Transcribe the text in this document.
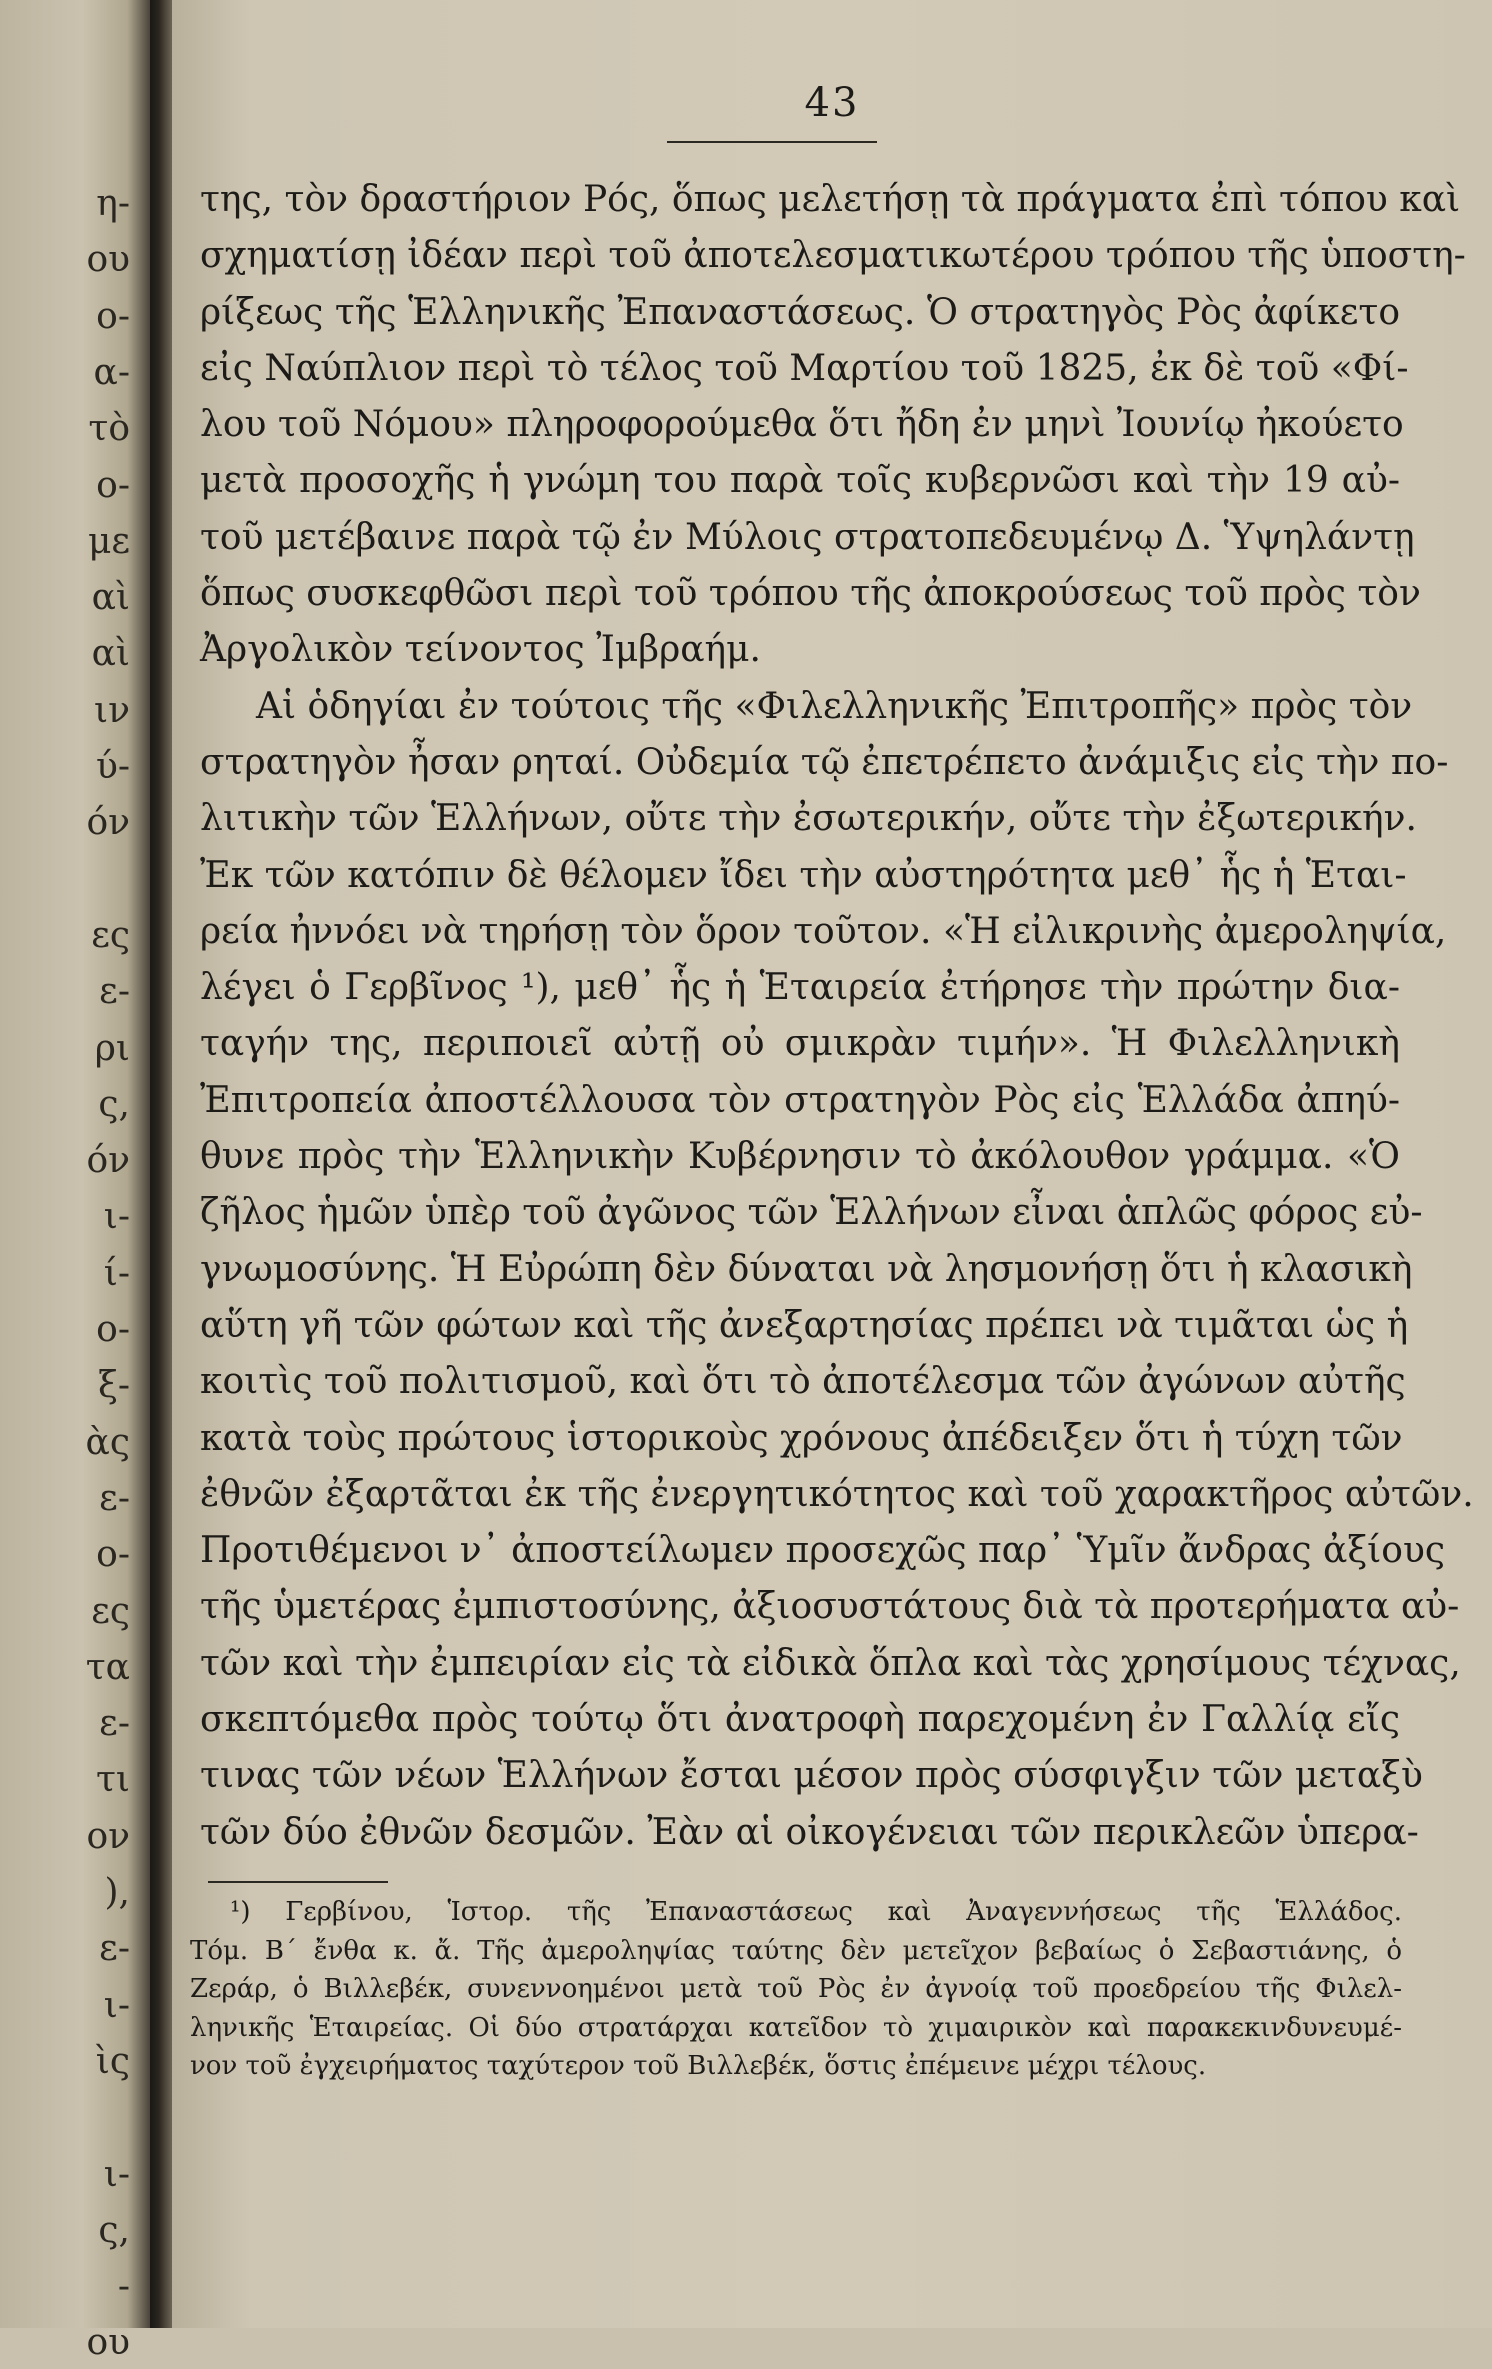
η-
ου
ο-
α-
τὸ
ο-
με
αὶ
αὶ
ιν
ύ-
όν
ες
ε-
ρι
ς,
όν
ι-
ί-
ο-
ξ-
ὰς
ε-
ο-
ες
τα
ε-
τι
ον
),
ε-
ι-
ὶς
ι-
ς,
-
ου
43
της, τὸν δραστήριον Ρός, ὅπως μελετήσῃ τὰ πράγματα ἐπὶ τόπου καὶ
σχηματίσῃ ἰδέαν περὶ τοῦ ἀποτελεσματικωτέρου τρόπου τῆς ὑποστη-
ρίξεως τῆς Ἑλληνικῆς Ἐπαναστάσεως. Ὁ στρατηγὸς Ρὸς ἀφίκετο
εἰς Ναύπλιον περὶ τὸ τέλος τοῦ Μαρτίου τοῦ 1825, ἐκ δὲ τοῦ «Φί-
λου τοῦ Νόμου» πληροφορούμεθα ὅτι ἤδη ἐν μηνὶ Ἰουνίῳ ἠκούετο
μετὰ προσοχῆς ἡ γνώμη του παρὰ τοῖς κυβερνῶσι καὶ τὴν 19 αὐ-
τοῦ μετέβαινε παρὰ τῷ ἐν Μύλοις στρατοπεδευμένῳ Δ. Ὑψηλάντῃ
ὅπως συσκεφθῶσι περὶ τοῦ τρόπου τῆς ἀποκρούσεως τοῦ πρὸς τὸν
Ἀργολικὸν τείνοντος Ἰμβραήμ.
Αἱ ὁδηγίαι ἐν τούτοις τῆς «Φιλελληνικῆς Ἐπιτροπῆς» πρὸς τὸν
στρατηγὸν ἦσαν ρηταί. Οὐδεμία τῷ ἐπετρέπετο ἀνάμιξις εἰς τὴν πο-
λιτικὴν τῶν Ἑλλήνων, οὔτε τὴν ἐσωτερικήν, οὔτε τὴν ἐξωτερικήν.
Ἐκ τῶν κατόπιν δὲ θέλομεν ἴδει τὴν αὐστηρότητα μεθ᾽ ἧς ἡ Ἑται-
ρεία ἠννόει νὰ τηρήσῃ τὸν ὅρον τοῦτον. «Ἡ εἰλικρινὴς ἀμεροληψία,
λέγει ὁ Γερβῖνος ¹), μεθ᾽ ἧς ἡ Ἑταιρεία ἐτήρησε τὴν πρώτην δια-
ταγήν της, περιποιεῖ αὐτῇ οὐ σμικρὰν τιμήν». Ἡ Φιλελληνικὴ
Ἐπιτροπεία ἀποστέλλουσα τὸν στρατηγὸν Ρὸς εἰς Ἑλλάδα ἀπηύ-
θυνε πρὸς τὴν Ἑλληνικὴν Κυβέρνησιν τὸ ἀκόλουθον γράμμα. «Ὁ
ζῆλος ἡμῶν ὑπὲρ τοῦ ἀγῶνος τῶν Ἑλλήνων εἶναι ἁπλῶς φόρος εὐ-
γνωμοσύνης. Ἡ Εὐρώπη δὲν δύναται νὰ λησμονήσῃ ὅτι ἡ κλασικὴ
αὕτη γῆ τῶν φώτων καὶ τῆς ἀνεξαρτησίας πρέπει νὰ τιμᾶται ὡς ἡ
κοιτὶς τοῦ πολιτισμοῦ, καὶ ὅτι τὸ ἀποτέλεσμα τῶν ἀγώνων αὐτῆς
κατὰ τοὺς πρώτους ἱστορικοὺς χρόνους ἀπέδειξεν ὅτι ἡ τύχη τῶν
ἐθνῶν ἐξαρτᾶται ἐκ τῆς ἐνεργητικότητος καὶ τοῦ χαρακτῆρος αὐτῶν.
Προτιθέμενοι ν᾽ ἀποστείλωμεν προσεχῶς παρ᾽ Ὑμῖν ἄνδρας ἀξίους
τῆς ὑμετέρας ἐμπιστοσύνης, ἀξιοσυστάτους διὰ τὰ προτερήματα αὐ-
τῶν καὶ τὴν ἐμπειρίαν εἰς τὰ εἰδικὰ ὅπλα καὶ τὰς χρησίμους τέχνας,
σκεπτόμεθα πρὸς τούτῳ ὅτι ἀνατροφὴ παρεχομένη ἐν Γαλλίᾳ εἴς
τινας τῶν νέων Ἑλλήνων ἔσται μέσον πρὸς σύσφιγξιν τῶν μεταξὺ
τῶν δύο ἐθνῶν δεσμῶν. Ἐὰν αἱ οἰκογένειαι τῶν περικλεῶν ὑπερα-
¹) Γερβίνου, Ἱστορ. τῆς Ἐπαναστάσεως καὶ Ἀναγεννήσεως τῆς Ἑλλάδος.
Τόμ. Β΄ ἔνθα κ. ἄ. Τῆς ἀμεροληψίας ταύτης δὲν μετεῖχον βεβαίως ὁ Σεβαστιάνης, ὁ
Ζεράρ, ὁ Βιλλεβέκ, συνεννοημένοι μετὰ τοῦ Ρὸς ἐν ἀγνοίᾳ τοῦ προεδρείου τῆς Φιλελ-
ληνικῆς Ἑταιρείας. Οἱ δύο στρατάρχαι κατεῖδον τὸ χιμαιρικὸν καὶ παρακεκινδυνευμέ-
νον τοῦ ἐγχειρήματος ταχύτερον τοῦ Βιλλεβέκ, ὅστις ἐπέμεινε μέχρι τέλους.
